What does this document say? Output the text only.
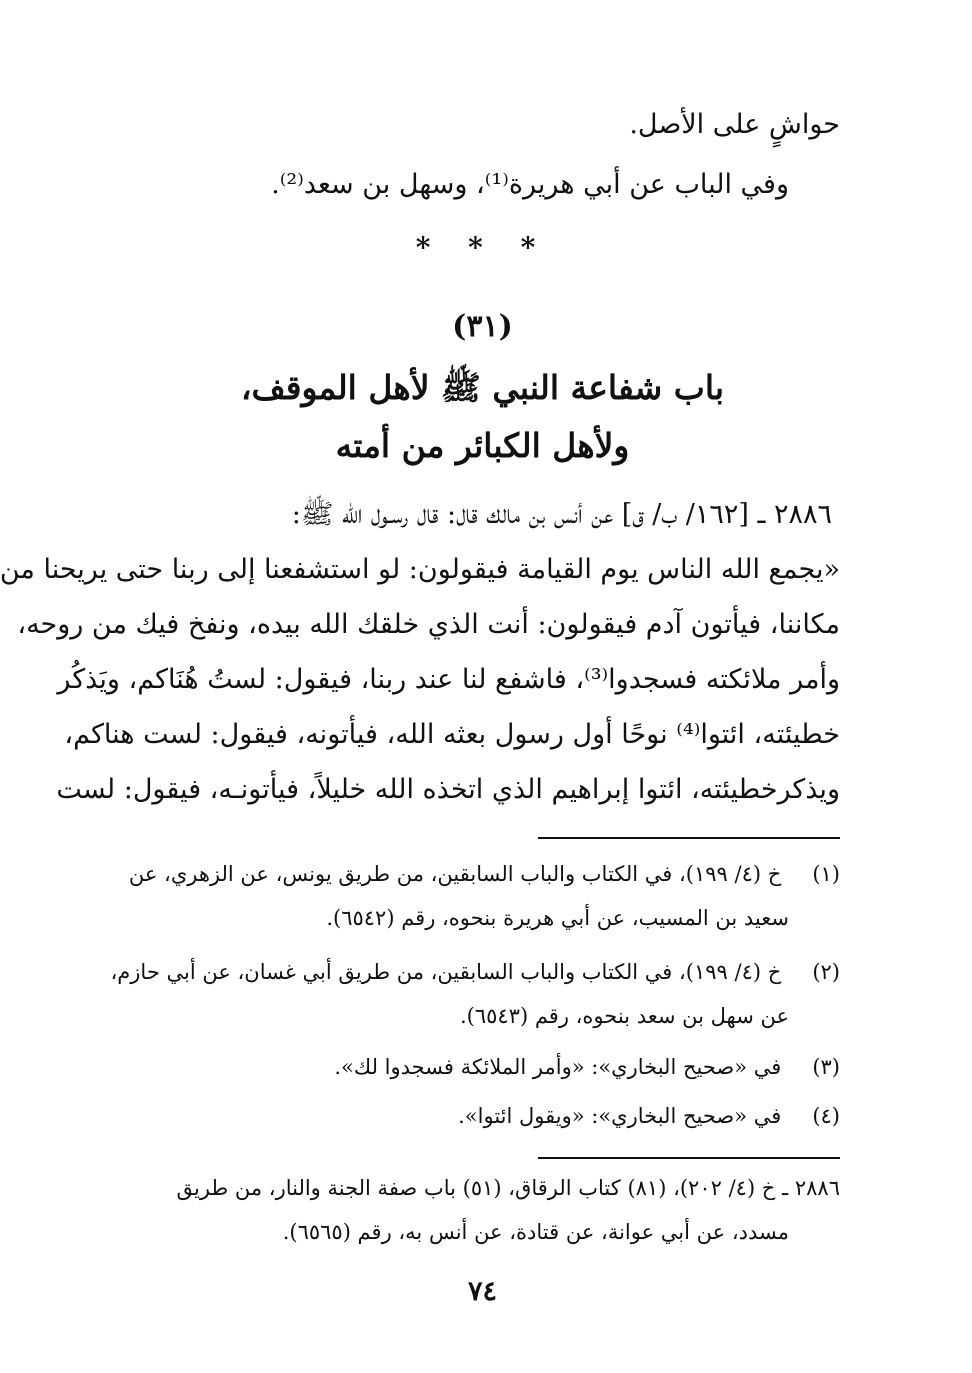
حواشٍ على الأصل.
وفي الباب عن أبي هريرة⁽¹⁾، وسهل بن سعد⁽²⁾.
* * *
(٣١)
باب شفاعة النبي ﷺ لأهل الموقف،
ولأهل الكبائر من أمته
٢٨٨٦ ـ [١٦٢/ ب/ ق] عن أنس بن مالك قال: قال رسـول الله ﷺ:
«يجمع الله الناس يوم القيامة فيقولون: لو استشفعنا إلى ربنا حتى يريحنا من
مكاننا، فيأتون آدم فيقولون: أنت الذي خلقك الله بيده، ونفخ فيك من روحه،
وأمر ملائكته فسجدوا⁽³⁾، فاشفع لنا عند ربنا، فيقول: لستُ هُنَاكم، ويَذكُر
خطيئته، ائتوا⁽⁴⁾ نوحًا أول رسول بعثه الله، فيأتونه، فيقول: لست هناكم،
ويذكرخطيئته، ائتوا إبراهيم الذي اتخذه الله خليلاً، فيأتونـه، فيقول: لست
(١) خ (٤/ ١٩٩)، في الكتاب والباب السابقين، من طريق يونس، عن الزهري، عن
سعيد بن المسيب، عن أبي هريرة بنحوه، رقم (٦٥٤٢).
(٢) خ (٤/ ١٩٩)، في الكتاب والباب السابقين، من طريق أبي غسان، عن أبي حازم،
عن سهل بن سعد بنحوه، رقم (٦٥٤٣).
(٣) في «صحيح البخاري»: «وأمر الملائكة فسجدوا لك».
(٤) في «صحيح البخاري»: «ويقول ائتوا».
٢٨٨٦ ـ خ (٤/ ٢٠٢)، (٨١) كتاب الرقاق، (٥١) باب صفة الجنة والنار، من طريق
مسدد، عن أبي عوانة، عن قتادة، عن أنس به، رقم (٦٥٦٥).
٧٤
